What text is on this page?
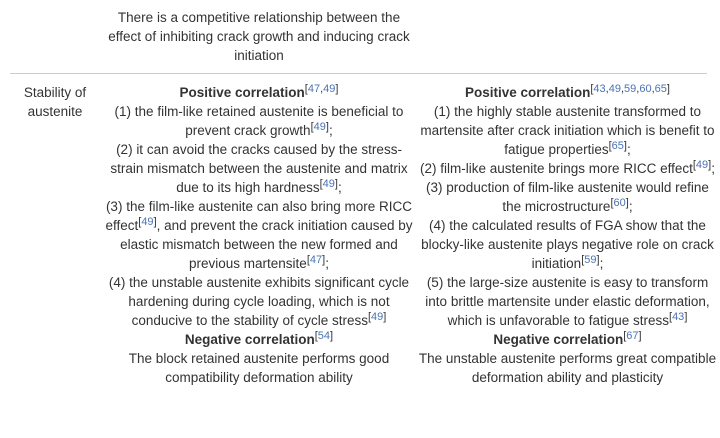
There is a competitive relationship between the effect of inhibiting crack growth and inducing crack initiation
Stability of austenite
Positive correlation[47,49]
(1) the film-like retained austenite is beneficial to prevent crack growth[49];
(2) it can avoid the cracks caused by the stress-strain mismatch between the austenite and matrix due to its high hardness[49];
(3) the film-like austenite can also bring more RICC effect[49], and prevent the crack initiation caused by elastic mismatch between the new formed and previous martensite[47];
(4) the unstable austenite exhibits significant cycle hardening during cycle loading, which is not conducive to the stability of cycle stress[49]
Negative correlation[54]
The block retained austenite performs good compatibility deformation ability
Positive correlation[43,49,59,60,65]
(1) the highly stable austenite transformed to martensite after crack initiation which is benefit to fatigue properties[65];
(2) film-like austenite brings more RICC effect[49];
(3) production of film-like austenite would refine the microstructure[60];
(4) the calculated results of FGA show that the blocky-like austenite plays negative role on crack initiation[59];
(5) the large-size austenite is easy to transform into brittle martensite under elastic deformation, which is unfavorable to fatigue stress[43]
Negative correlation[67]
The unstable austenite performs great compatible deformation ability and plasticity
